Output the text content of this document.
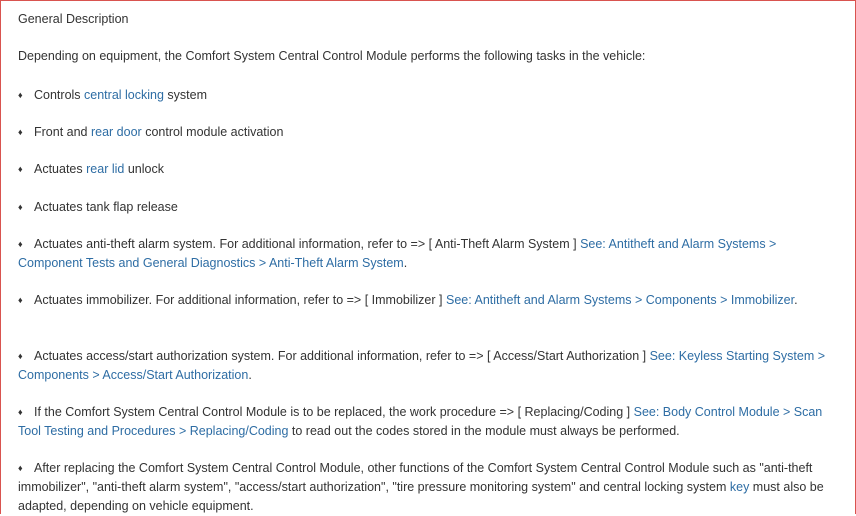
General Description
Depending on equipment, the Comfort System Central Control Module performs the following tasks in the vehicle:
♦ Controls central locking system
♦ Front and rear door control module activation
♦ Actuates rear lid unlock
♦ Actuates tank flap release
♦ Actuates anti-theft alarm system. For additional information, refer to => [ Anti-Theft Alarm System ] See: Antitheft and Alarm Systems > Component Tests and General Diagnostics > Anti-Theft Alarm System.
♦ Actuates immobilizer. For additional information, refer to => [ Immobilizer ] See: Antitheft and Alarm Systems > Components > Immobilizer.
♦ Actuates access/start authorization system. For additional information, refer to => [ Access/Start Authorization ] See: Keyless Starting System > Components > Access/Start Authorization.
♦ If the Comfort System Central Control Module is to be replaced, the work procedure => [ Replacing/Coding ] See: Body Control Module > Scan Tool Testing and Procedures > Replacing/Coding to read out the codes stored in the module must always be performed.
♦ After replacing the Comfort System Central Control Module, other functions of the Comfort System Central Control Module such as "anti-theft immobilizer", "anti-theft alarm system", "access/start authorization", "tire pressure monitoring system" and central locking system key must also be adapted, depending on vehicle equipment.
